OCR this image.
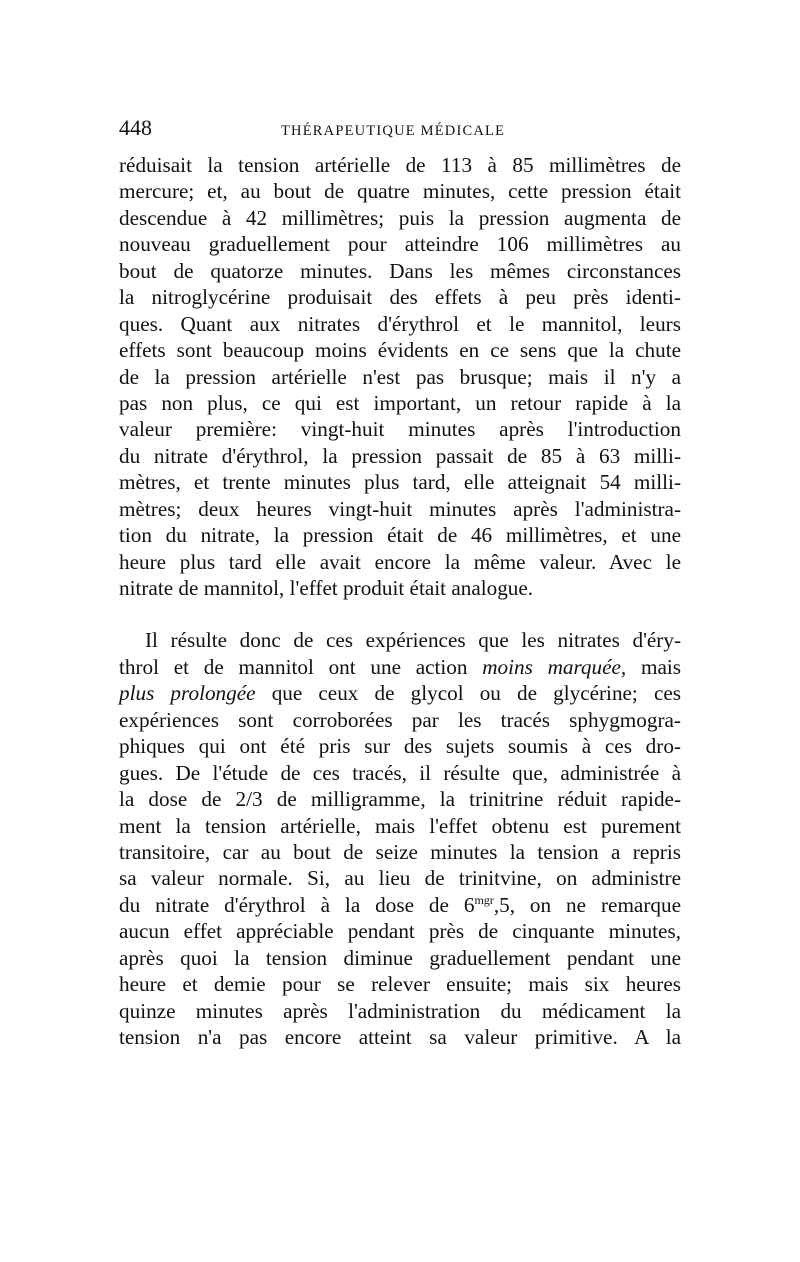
448	THÉRAPEUTIQUE MÉDICALE
réduisait la tension artérielle de 113 à 85 millimètres de
mercure; et, au bout de quatre minutes, cette pression était
descendue à 42 millimètres; puis la pression augmenta de
nouveau graduellement pour atteindre 106 millimètres au
bout de quatorze minutes. Dans les mêmes circonstances
la nitroglycérine produisait des effets à peu près identi-
ques. Quant aux nitrates d'érythrol et le mannitol, leurs
effets sont beaucoup moins évidents en ce sens que la chute
de la pression artérielle n'est pas brusque; mais il n'y a
pas non plus, ce qui est important, un retour rapide à la
valeur première: vingt-huit minutes après l'introduction
du nitrate d'érythrol, la pression passait de 85 à 63 milli-
mètres, et trente minutes plus tard, elle atteignait 54 milli-
mètres; deux heures vingt-huit minutes après l'administra-
tion du nitrate, la pression était de 46 millimètres, et une
heure plus tard elle avait encore la même valeur. Avec le
nitrate de mannitol, l'effet produit était analogue.
Il résulte donc de ces expériences que les nitrates d'éry-
throl et de mannitol ont une action moins marquée, mais
plus prolongée que ceux de glycol ou de glycérine; ces
expériences sont corroborées par les tracés sphygmogra-
phiques qui ont été pris sur des sujets soumis à ces dro-
gues. De l'étude de ces tracés, il résulte que, administrée à
la dose de 2/3 de milligramme, la trinitrine réduit rapide-
ment la tension artérielle, mais l'effet obtenu est purement
transitoire, car au bout de seize minutes la tension a repris
sa valeur normale. Si, au lieu de trinitvine, on administre
du nitrate d'érythrol à la dose de $6^{mgr},5$, on ne remarque
aucun effet appréciable pendant près de cinquante minutes,
après quoi la tension diminue graduellement pendant une
heure et demie pour se relever ensuite; mais six heures
quinze minutes après l'administration du médicament la
tension n'a pas encore atteint sa valeur primitive. A la
